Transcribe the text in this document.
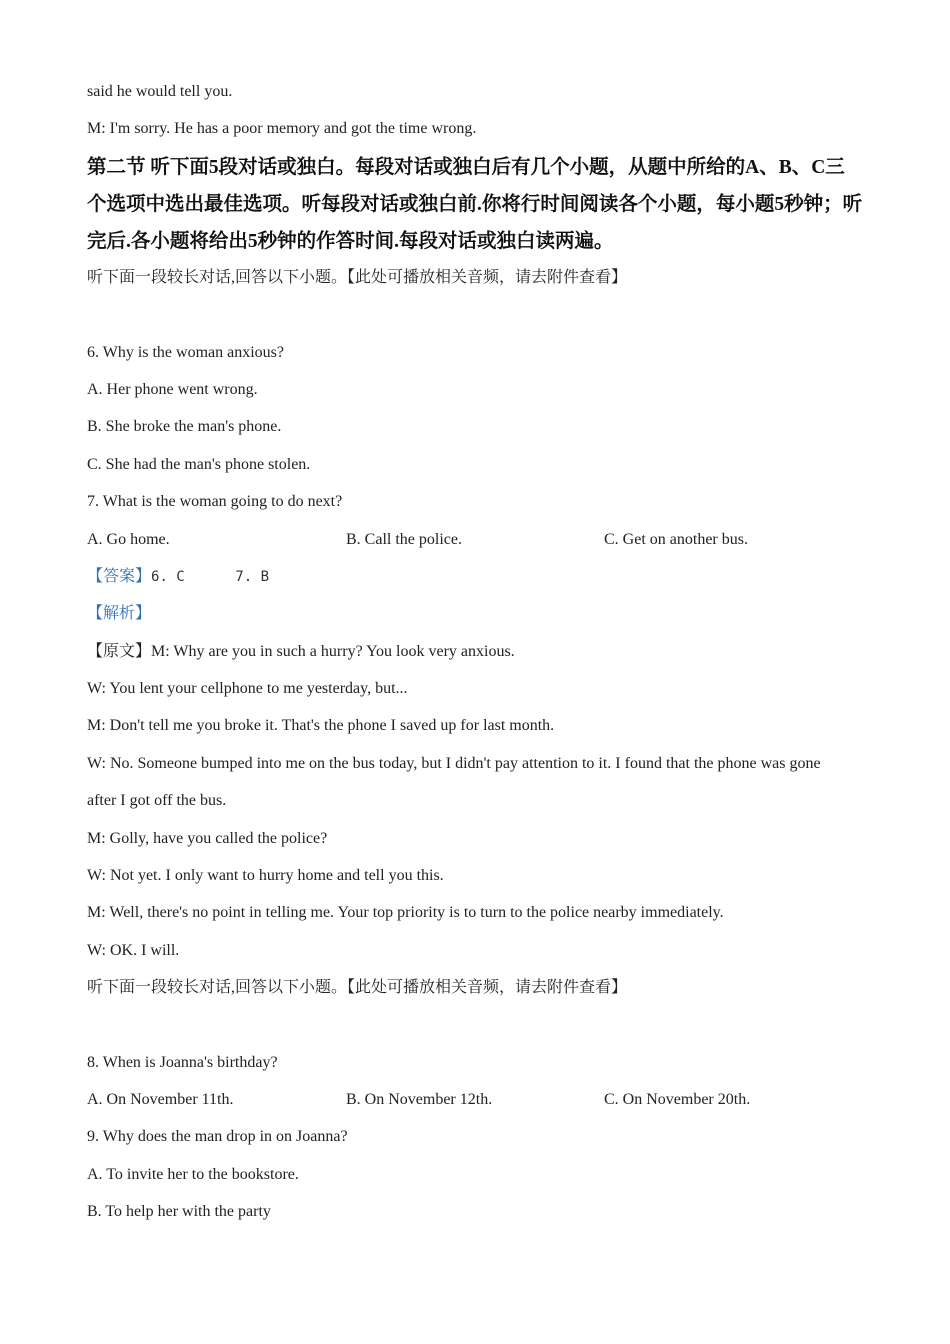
said he would tell you.
M: I'm sorry. He has a poor memory and got the time wrong.
第二节 听下面5段对话或独白。每段对话或独白后有几个小题，从题中所给的A、B、C三
个选项中选出最佳选项。听每段对话或独白前.你将行时间阅读各个小题，每小题5秒钟；听
完后.各小题将给出5秒钟的作答时间.每段对话或独白读两遍。
听下面一段较长对话,回答以下小题。【此处可播放相关音频，请去附件查看】
6. Why is the woman anxious?
A. Her phone went wrong.
B. She broke the man's phone.
C. She had the man's phone stolen.
7. What is the woman going to do next?
A. Go home.	B. Call the police.	C. Get on another bus.
【答案】6. C      7. B
【解析】
【原文】M: Why are you in such a hurry? You look very anxious.
W: You lent your cellphone to me yesterday, but...
M: Don't tell me you broke it. That's the phone I saved up for last month.
W: No. Someone bumped into me on the bus today, but I didn't pay attention to it. I found that the phone was gone
after I got off the bus.
M: Golly, have you called the police?
W: Not yet. I only want to hurry home and tell you this.
M: Well, there's no point in telling me. Your top priority is to turn to the police nearby immediately.
W: OK. I will.
听下面一段较长对话,回答以下小题。【此处可播放相关音频，请去附件查看】
8. When is Joanna's birthday?
A. On November 11th.	B. On November 12th.	C. On November 20th.
9. Why does the man drop in on Joanna?
A. To invite her to the bookstore.
B. To help her with the party
